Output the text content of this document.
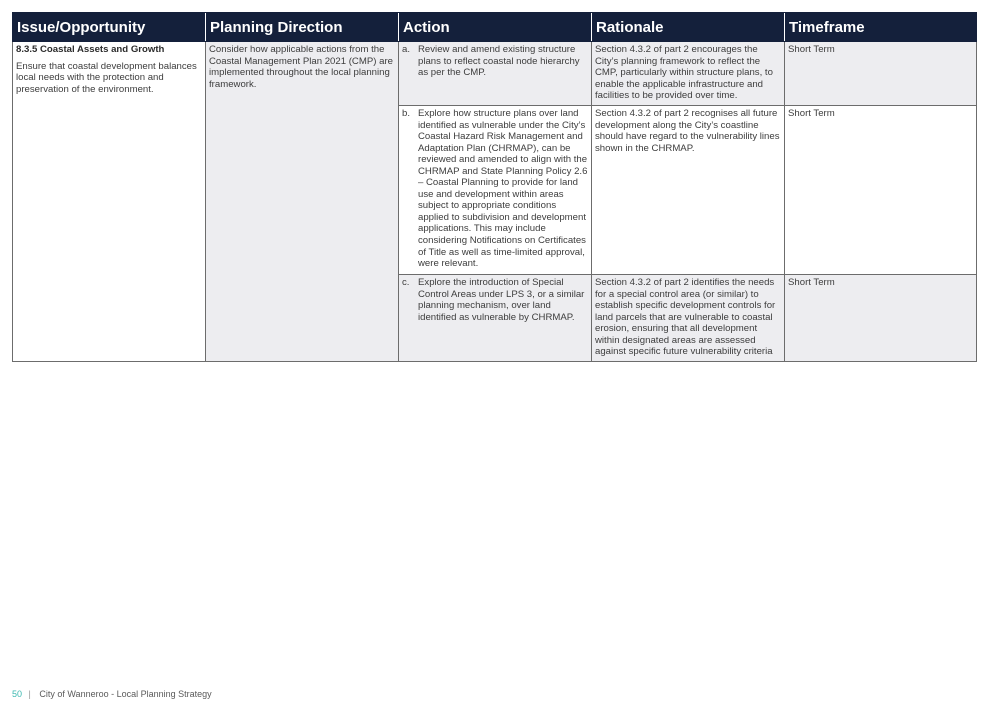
Issue/Opportunity	Planning Direction	Action	Rationale	Timeframe

8.3.5 Coastal Assets and Growth
Ensure that coastal development balances local needs with the protection and preservation of the environment.	Consider how applicable actions from the Coastal Management Plan 2021 (CMP) are implemented throughout the local planning framework.	a. Review and amend existing structure plans to reflect coastal node hierarchy as per the CMP.	Section 4.3.2 of part 2 encourages the City’s planning framework to reflect the CMP, particularly within structure plans, to enable the applicable infrastructure and facilities to be provided over time.	Short Term

		b. Explore how structure plans over land identified as vulnerable under the City’s Coastal Hazard Risk Management and Adaptation Plan (CHRMAP), can be reviewed and amended to align with the CHRMAP and State Planning Policy 2.6 – Coastal Planning to provide for land use and development within areas subject to appropriate conditions applied to subdivision and development applications. This may include considering Notifications on Certificates of Title as well as time-limited approval, were relevant.	Section 4.3.2 of part 2 recognises all future development along the City’s coastline should have regard to the vulnerability lines shown in the CHRMAP.	Short Term

		c. Explore the introduction of Special Control Areas under LPS 3, or a similar planning mechanism, over land identified as vulnerable by CHRMAP.	Section 4.3.2 of part 2 identifies the needs for a special control area (or similar) to establish specific development controls for land parcels that are vulnerable to coastal erosion, ensuring that all development within designated areas are assessed against specific future vulnerability criteria	Short Term
50 | City of Wanneroo - Local Planning Strategy
